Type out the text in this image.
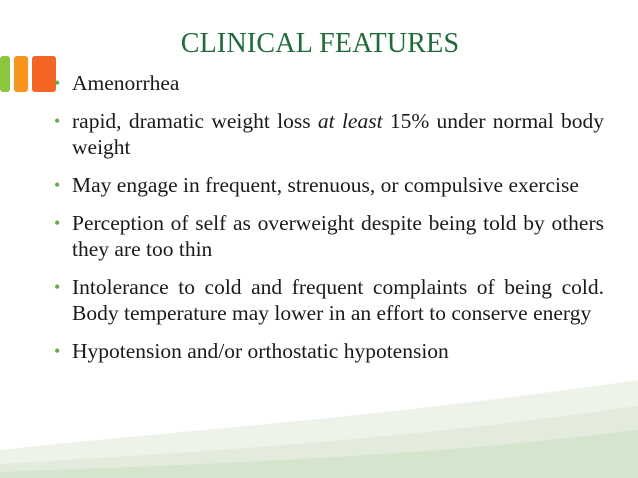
CLINICAL FEATURES
• Amenorrhea
• rapid, dramatic weight loss at least 15% under normal body weight
• May engage in frequent, strenuous, or compulsive exercise
• Perception of self as overweight despite being told by others they are too thin
• Intolerance to cold and frequent complaints of being cold. Body temperature may lower in an effort to conserve energy
• Hypotension and/or orthostatic hypotension
